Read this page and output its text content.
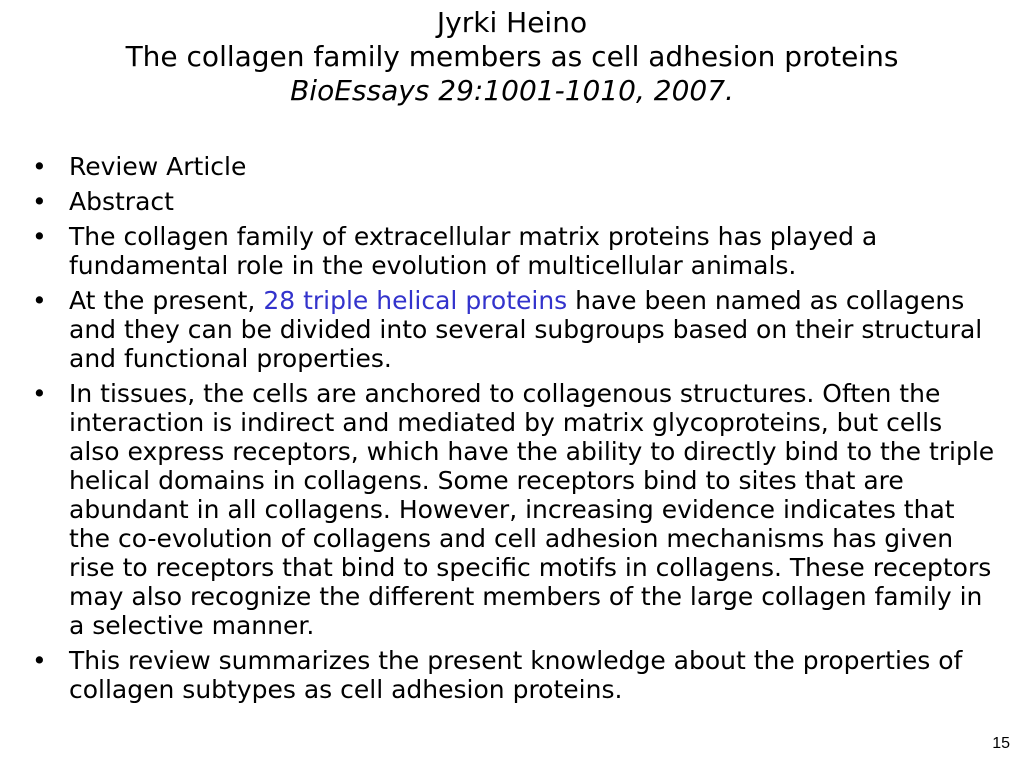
Jyrki Heino
The collagen family members as cell adhesion proteins
BioEssays 29:1001-1010, 2007.
• Review Article
• Abstract
• The collagen family of extracellular matrix proteins has played a fundamental role in the evolution of multicellular animals.
• At the present, 28 triple helical proteins have been named as collagens and they can be divided into several subgroups based on their structural and functional properties.
• In tissues, the cells are anchored to collagenous structures. Often the interaction is indirect and mediated by matrix glycoproteins, but cells also express receptors, which have the ability to directly bind to the triple helical domains in collagens. Some receptors bind to sites that are abundant in all collagens. However, increasing evidence indicates that the co-evolution of collagens and cell adhesion mechanisms has given rise to receptors that bind to specific motifs in collagens. These receptors may also recognize the different members of the large collagen family in a selective manner.
• This review summarizes the present knowledge about the properties of collagen subtypes as cell adhesion proteins.
15
